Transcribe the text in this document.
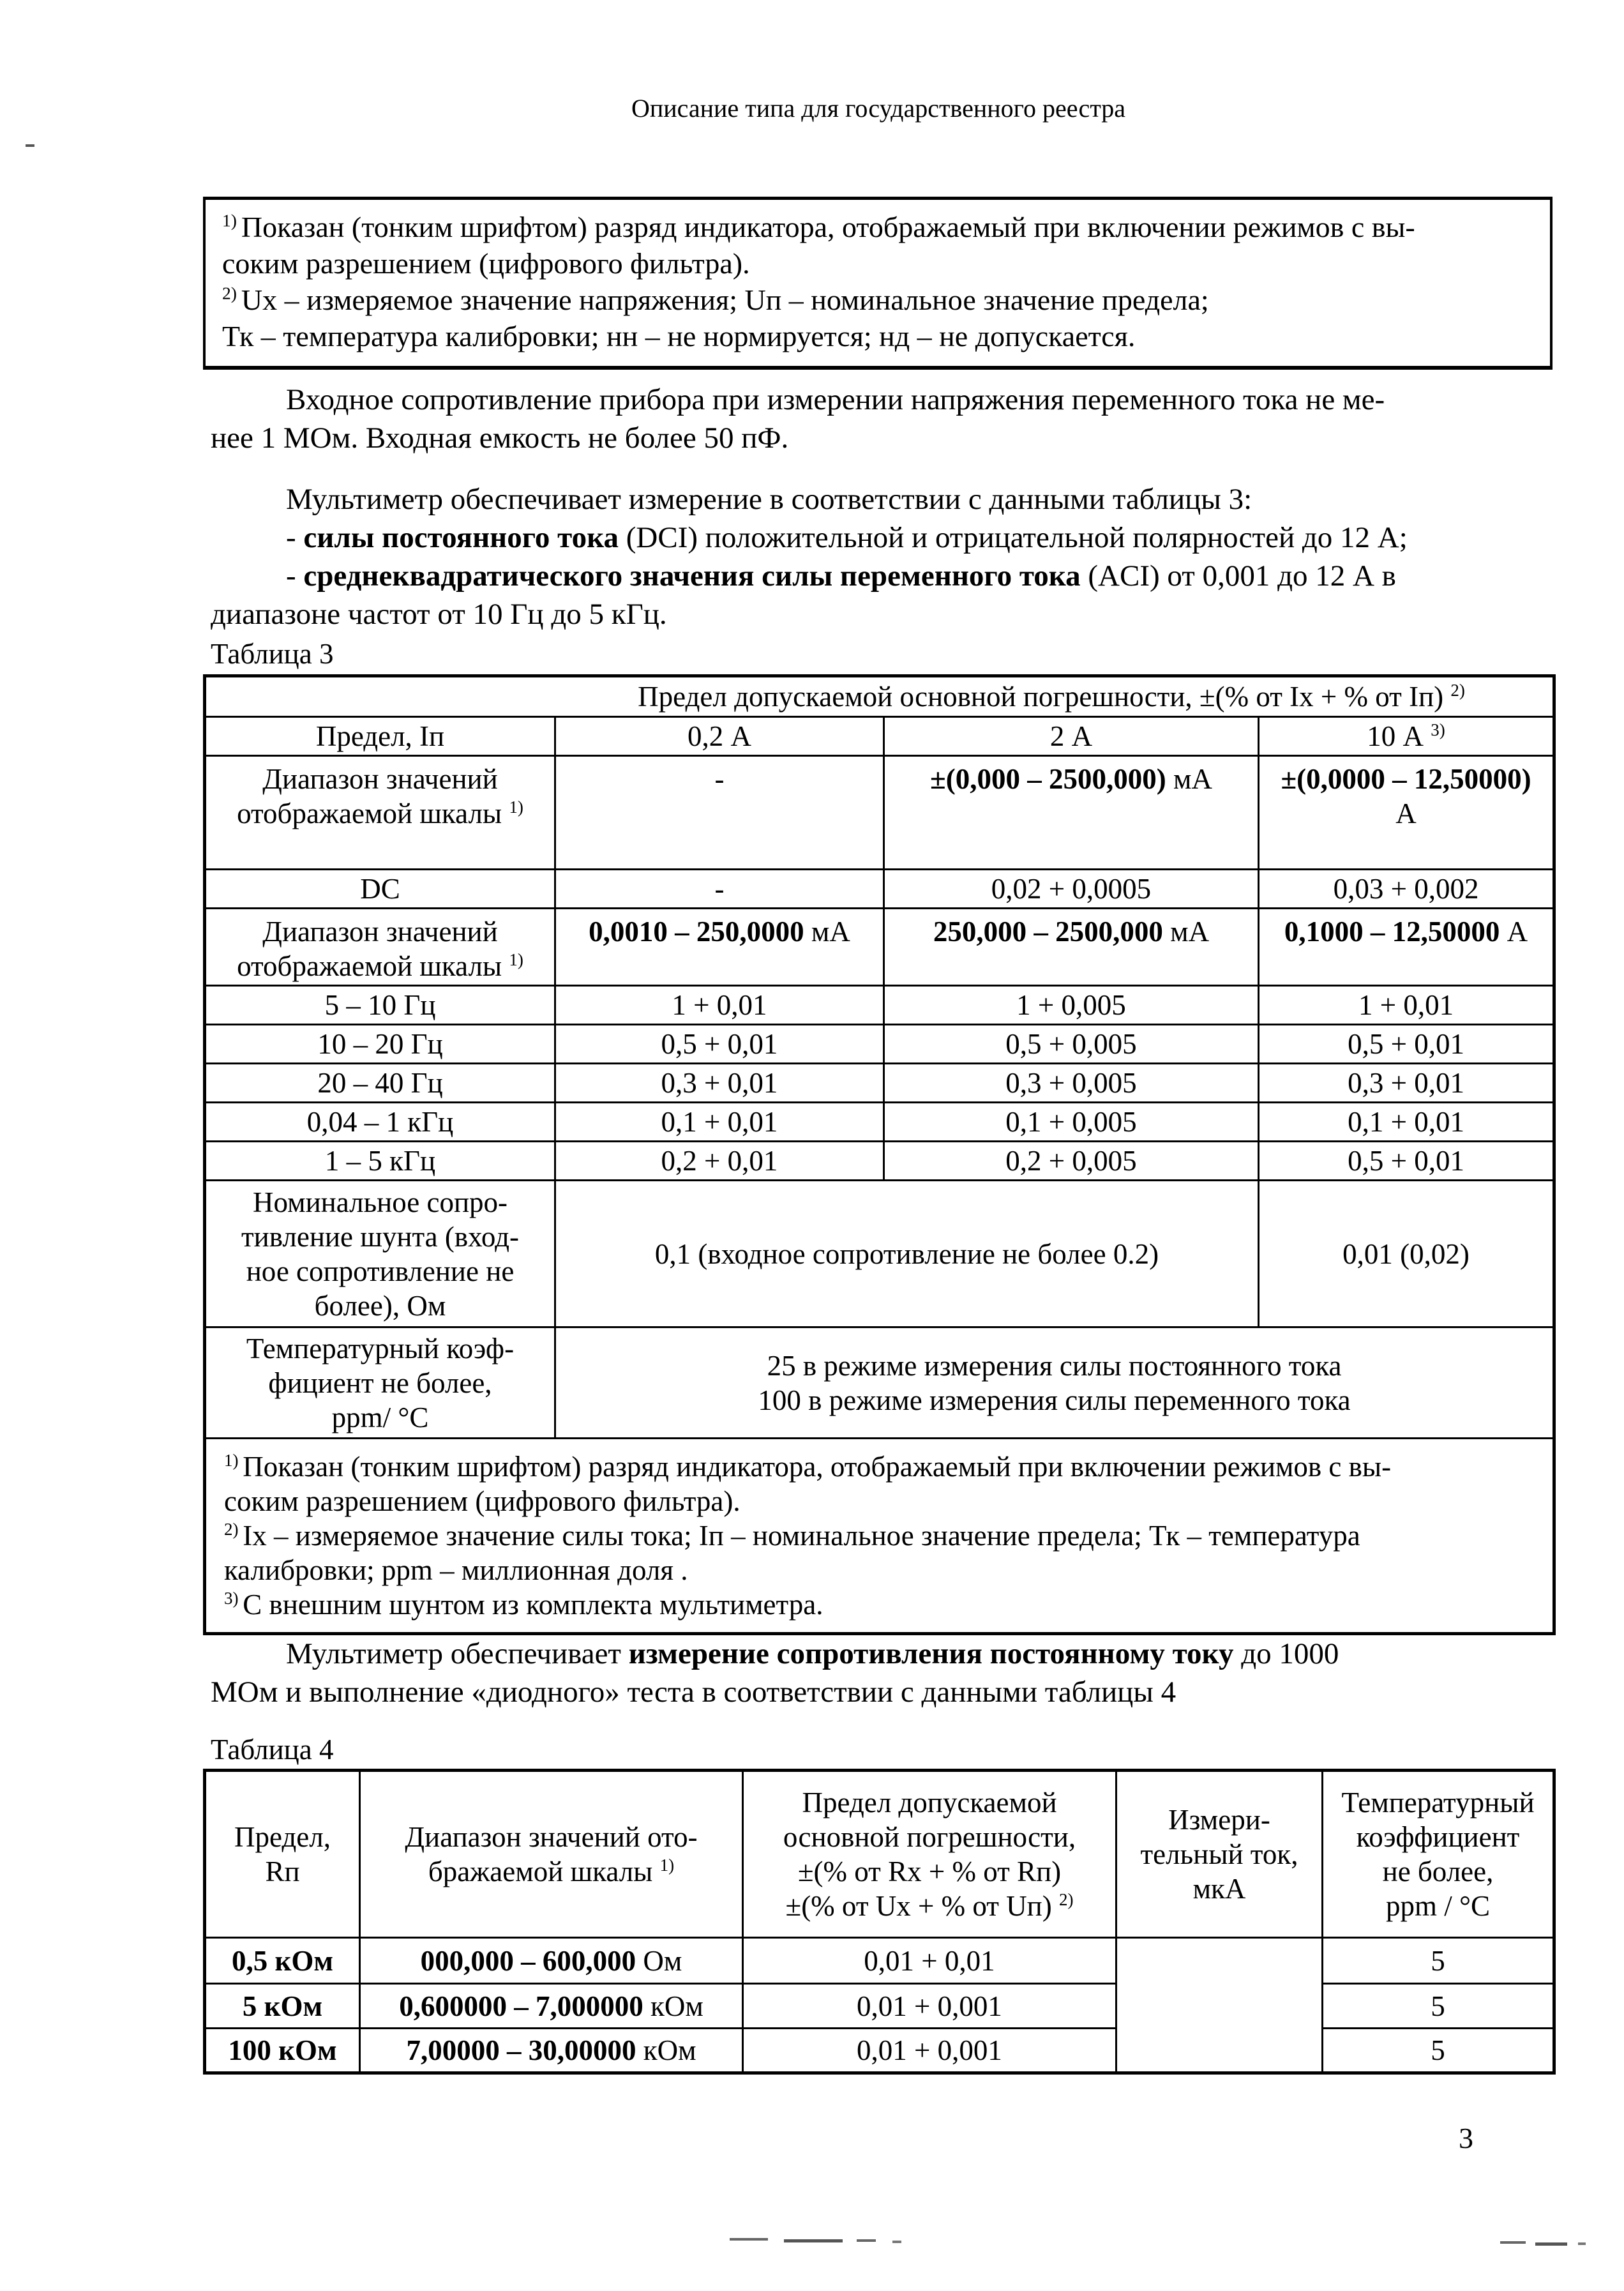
Описание типа для государственного реестра
$^{1)}$ Показан (тонким шрифтом) разряд индикатора, отображаемый при включении режимов с вы-
соким разрешением (цифрового фильтра).
$^{2)}$ Uх – измеряемое значение напряжения; Uп – номинальное значение предела;
Тк – температура калибровки; нн – не нормируется; нд – не допускается.

Входное сопротивление прибора при измерении напряжения переменного тока не ме-
нее 1 МОм. Входная емкость не более 50 пФ.

Мультиметр обеспечивает измерение в соответствии с данными таблицы 3:

- силы постоянного тока (DCI) положительной и отрицательной полярностей до 12 А;

- среднеквадратического значения силы переменного тока (ACI) от 0,001 до 12 А в
диапазоне частот от 10 Гц до 5 кГц.

Таблица 3
Предел допускаемой основной погрешности, ±(% от Ix + % от Iп) $^{2)}$
Предел, Iп	0,2 А	2 А	10 А $^{3)}$
Диапазон значений
отображаемой шкалы $^{1)}$	-	±(0,000 – 2500,000) мА	±(0,0000 – 12,50000)
А
DC	-	0,02 + 0,0005	0,03 + 0,002
Диапазон значений
отображаемой шкалы $^{1)}$	0,0010 – 250,0000 мА	250,000 – 2500,000 мА	0,1000 – 12,50000 А
5 – 10 Гц	1 + 0,01	1 + 0,005	1 + 0,01
10 – 20 Гц	0,5 + 0,01	0,5 + 0,005	0,5 + 0,01
20 – 40 Гц	0,3 + 0,01	0,3 + 0,005	0,3 + 0,01
0,04 – 1 кГц	0,1 + 0,01	0,1 + 0,005	0,1 + 0,01
1 – 5 кГц	0,2 + 0,01	0,2 + 0,005	0,5 + 0,01
Номинальное сопро-
тивление шунта (вход-
ное сопротивление не
более), Ом	0,1 (входное сопротивление не более 0.2)		0,01 (0,02)
Температурный коэф-
фициент не более,
ppm/ °С	25 в режиме измерения силы постоянного тока
100 в режиме измерения силы переменного тока		
$^{1)}$ Показан (тонким шрифтом) разряд индикатора, отображаемый при включении режимов с вы-
соким разрешением (цифрового фильтра).
$^{2)}$ Ix – измеряемое значение силы тока; Iп – номинальное значение предела; Тк – температура
калибровки; ppm – миллионная доля .
$^{3)}$ С внешним шунтом из комплекта мультиметра.			

Мультиметр обеспечивает измерение сопротивления постоянному току до 1000
МОм и выполнение «диодного» теста в соответствии с данными таблицы 4

Таблица 4
Предел,
Rп	Диапазон значений ото-
бражаемой шкалы $^{1)}$	Предел допускаемой
основной погрешности,
±(% от Rx + % от Rп)
±(% от Ux + % от Uп) $^{2)}$	Измери-
тельный ток,
мкА	Температурный
коэффициент
не более,
ppm / °С
0,5 кОм	000,000 – 600,000 Ом	0,01 + 0,01		5
5 кОм	0,600000 – 7,000000 кОм	0,01 + 0,001		5
100 кОм	7,00000 – 30,00000 кОм	0,01 + 0,001		5
3
